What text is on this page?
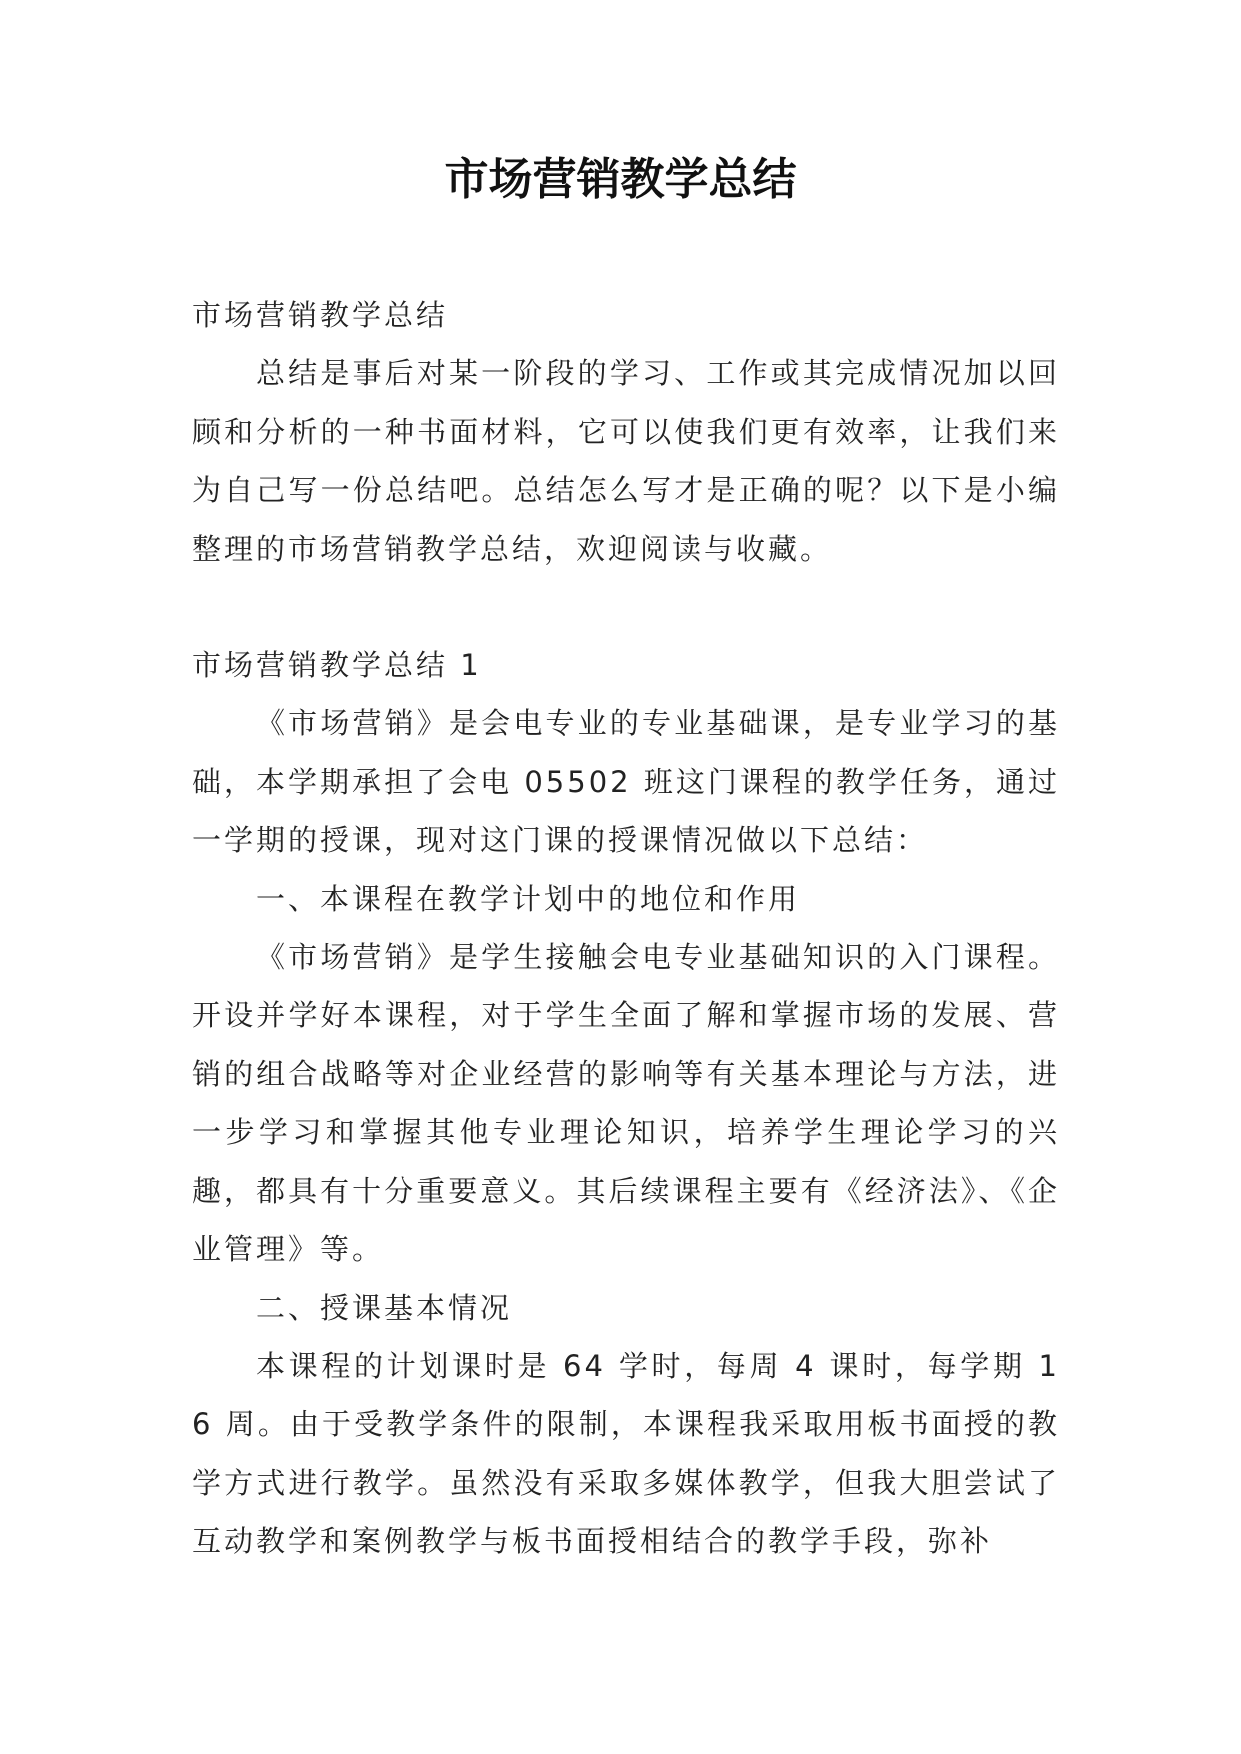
市场营销教学总结

市场营销教学总结

总结是事后对某一阶段的学习、工作或其完成情况加以回顾和分析的一种书面材料，它可以使我们更有效率，让我们来为自己写一份总结吧。总结怎么写才是正确的呢？以下是小编整理的市场营销教学总结，欢迎阅读与收藏。

市场营销教学总结 1

《市场营销》是会电专业的专业基础课，是专业学习的基础，本学期承担了会电 05502 班这门课程的教学任务，通过一学期的授课，现对这门课的授课情况做以下总结：

一、本课程在教学计划中的地位和作用

《市场营销》是学生接触会电专业基础知识的入门课程。开设并学好本课程，对于学生全面了解和掌握市场的发展、营销的组合战略等对企业经营的影响等有关基本理论与方法，进一步学习和掌握其他专业理论知识，培养学生理论学习的兴趣，都具有十分重要意义。其后续课程主要有《经济法》、《企业管理》等。

二、授课基本情况

本课程的计划课时是 64 学时，每周 4 课时，每学期 16 周。由于受教学条件的限制，本课程我采取用板书面授的教学方式进行教学。虽然没有采取多媒体教学，但我大胆尝试了互动教学和案例教学与板书面授相结合的教学手段，弥补
